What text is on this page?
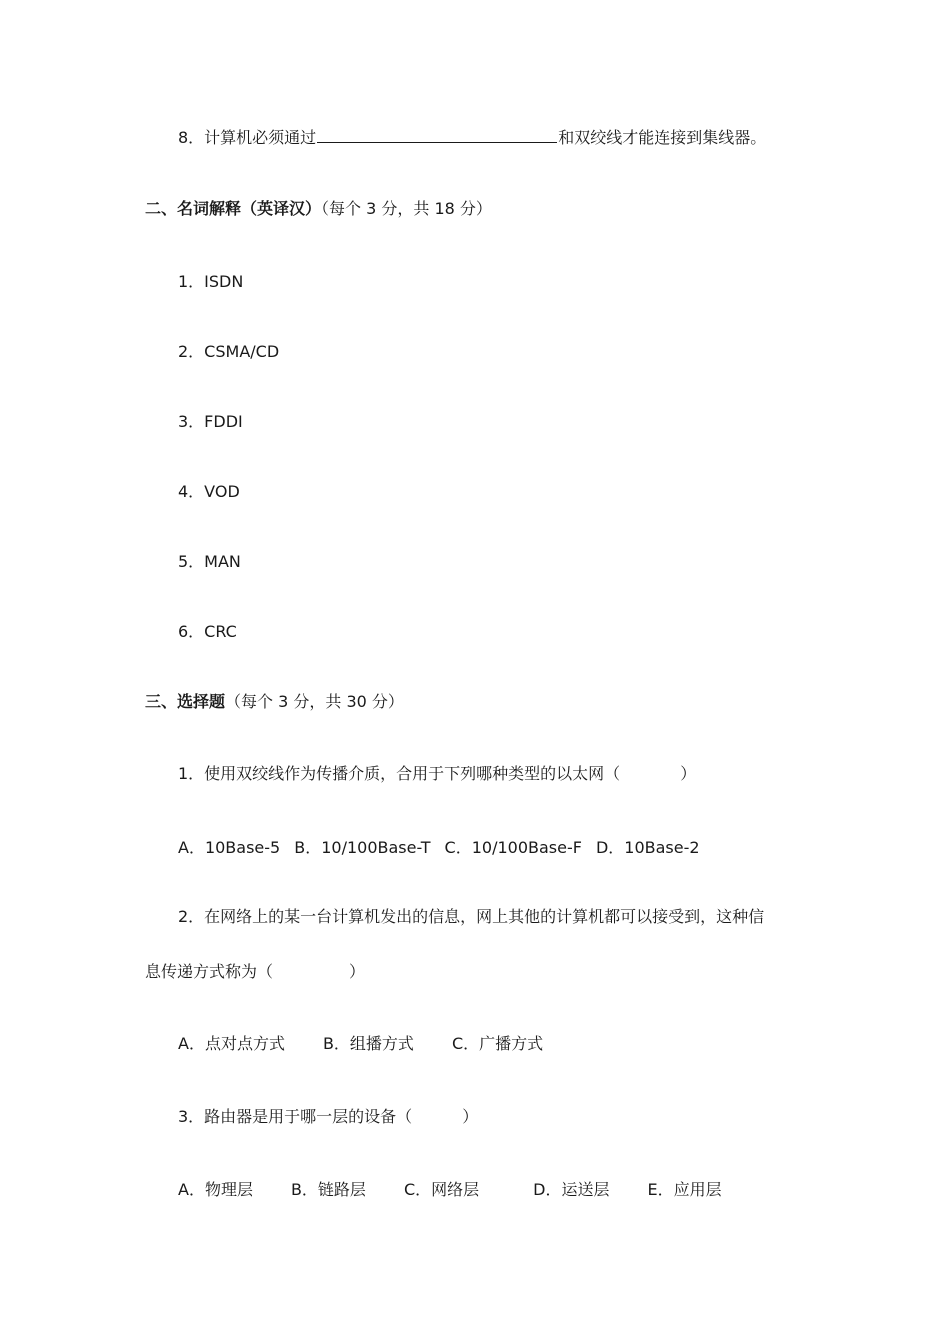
8．计算机必须通过	和双绞线才能连接到集线器。
二、名词解释（英译汉）（每个 3 分，共 18 分）
1．ISDN
2．CSMA/CD
3．FDDI
4．VOD
5．MAN
6．CRC
三、选择题（每个 3 分，共 30 分）
1．使用双绞线作为传播介质，合用于下列哪种类型的以太网（	）
A．10Base-5 B．10/100Base-T C．10/100Base-F D．10Base-2
2．在网络上的某一台计算机发出的信息，网上其他的计算机都可以接受到，这种信
息传递方式称为（	）
A．点对点方式 B．组播方式 C．广播方式
3．路由器是用于哪一层的设备（	）
A．物理层 B．链路层 C．网络层	D．运送层 E．应用层
